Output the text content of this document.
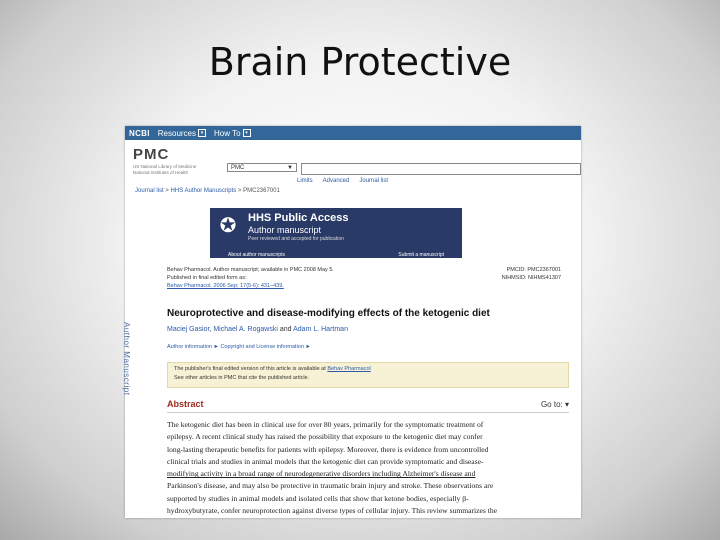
Brain Protective
NCBI Resources ▾	How To ▾
PMC
US National Library of Medicine
National Institutes of Health
PMC	▼
Limits Advanced Journal list
Journal list > HHS Author Manuscripts > PMC2367001
✪	HHS Public Access
Author manuscript
Peer reviewed and accepted for publication
About author manuscripts	Submit a manuscript
Author Manuscript
Behav Pharmacol. Author manuscript; available in PMC 2008 May 5.
Published in final edited form as:
Behav Pharmacol. 2006 Sep; 17(5-6): 431–439.
PMCID: PMC2367001
NIHMSID: NIHMS41307
Neuroprotective and disease-modifying effects of the ketogenic diet
Maciej Gasior, Michael A. Rogawski and Adam L. Hartman
Author information ► Copyright and License information ►
The publisher's final edited version of this article is available at Behav Pharmacol
See other articles in PMC that cite the published article.
Abstract	Go to: ▾
The ketogenic diet has been in clinical use for over 80 years, primarily for the symptomatic treatment of
epilepsy. A recent clinical study has raised the possibility that exposure to the ketogenic diet may confer
long-lasting therapeutic benefits for patients with epilepsy. Moreover, there is evidence from uncontrolled
clinical trials and studies in animal models that the ketogenic diet can provide symptomatic and disease-
modifying activity in a broad range of neurodegenerative disorders including Alzheimer's disease and
Parkinson's disease, and may also be protective in traumatic brain injury and stroke. These observations are
supported by studies in animal models and isolated cells that show that ketone bodies, especially β-
hydroxybutyrate, confer neuroprotection against diverse types of cellular injury. This review summarizes the
